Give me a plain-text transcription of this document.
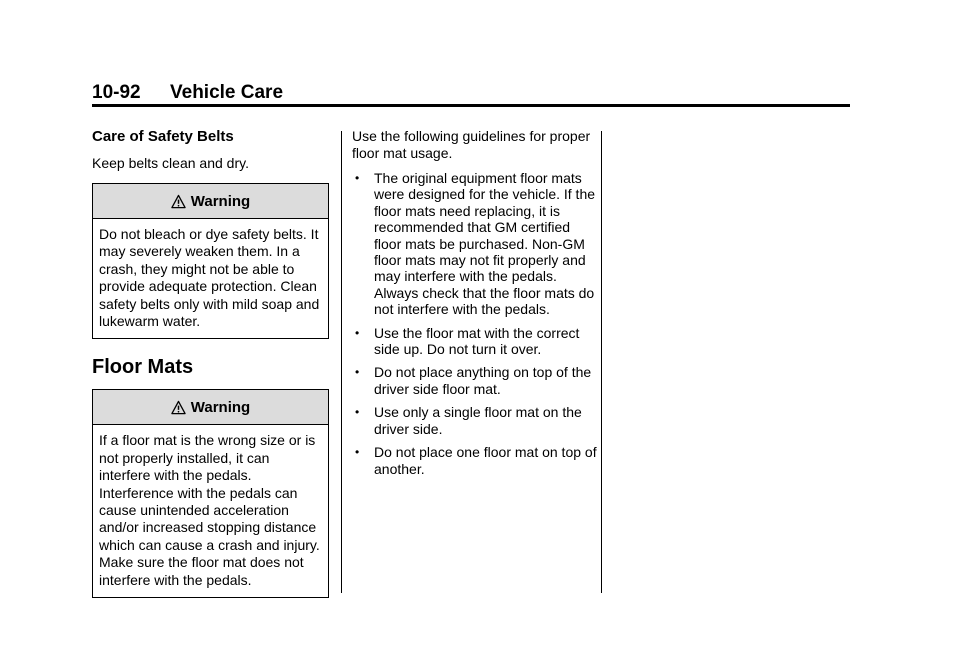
10-92 Vehicle Care
Care of Safety Belts

Keep belts clean and dry.

Warning
Do not bleach or dye safety belts. It may severely weaken them. In a crash, they might not be able to provide adequate protection. Clean safety belts only with mild soap and lukewarm water.
Floor Mats
Warning
If a floor mat is the wrong size or is not properly installed, it can interfere with the pedals. Interference with the pedals can cause unintended acceleration and/or increased stopping distance which can cause a crash and injury. Make sure the floor mat does not interfere with the pedals.

Use the following guidelines for proper floor mat usage.

• The original equipment floor mats were designed for the vehicle. If the floor mats need replacing, it is recommended that GM certified floor mats be purchased. Non-GM floor mats may not fit properly and may interfere with the pedals. Always check that the floor mats do not interfere with the pedals.
• Use the floor mat with the correct side up. Do not turn it over.
• Do not place anything on top of the driver side floor mat.
• Use only a single floor mat on the driver side.
• Do not place one floor mat on top of another.
